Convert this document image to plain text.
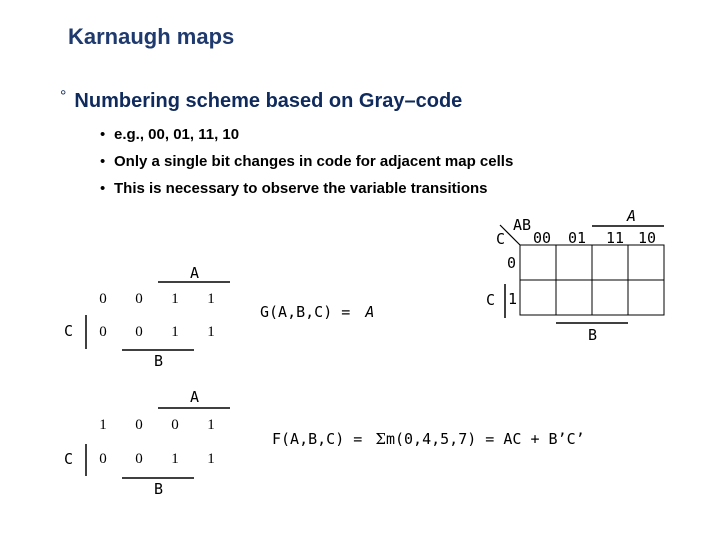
Karnaugh maps
° Numbering scheme based on Gray–code
• e.g., 00, 01, 11, 10
• Only a single bit changes in code for adjacent map cells
• This is necessary to observe the variable transitions
C
AB
00 01 11 10
0
1
C
A
B
A
C
B
0	0	1	1
0	0	1	1
G(A,B,C) = A
A
C
B
1	0	0	1
0	0	1	1
F(A,B,C) = Σm(0,4,5,7) = AC + B’C’
